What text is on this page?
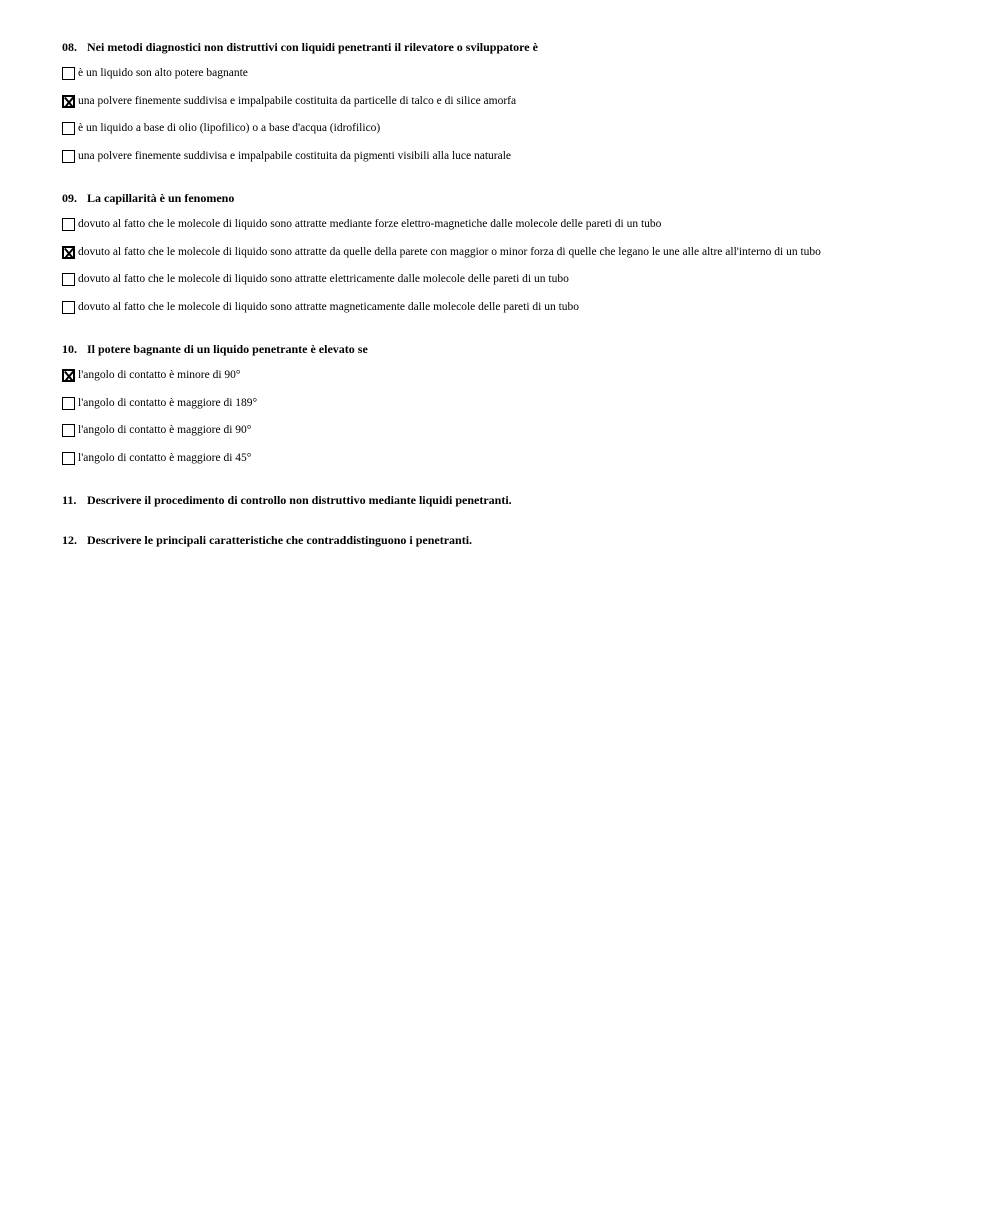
08. Nei metodi diagnostici non distruttivi con liquidi penetranti il rilevatore o sviluppatore è
è un liquido son alto potere bagnante
una polvere finemente suddivisa e impalpabile costituita da particelle di talco e di silice amorfa
è un liquido a base di olio (lipofilico) o a base d'acqua (idrofilico)
una polvere finemente suddivisa e impalpabile costituita da pigmenti visibili alla luce naturale
09. La capillarità è un fenomeno
dovuto al fatto che le molecole di liquido sono attratte mediante forze elettro-magnetiche dalle molecole delle pareti di un tubo
dovuto al fatto che le molecole di liquido sono attratte da quelle della parete con maggior o minor forza di quelle che legano le une alle altre all'interno di un tubo
dovuto al fatto che le molecole di liquido sono attratte elettricamente dalle molecole delle pareti di un tubo
dovuto al fatto che le molecole di liquido sono attratte magneticamente dalle molecole delle pareti di un tubo
10. Il potere bagnante di un liquido penetrante è elevato se
l'angolo di contatto è minore di 90°
l'angolo di contatto è maggiore di 189°
l'angolo di contatto è maggiore di 90°
l'angolo di contatto è maggiore di 45°
11. Descrivere il procedimento di controllo non distruttivo mediante liquidi penetranti.
12. Descrivere le principali caratteristiche che contraddistinguono i penetranti.
